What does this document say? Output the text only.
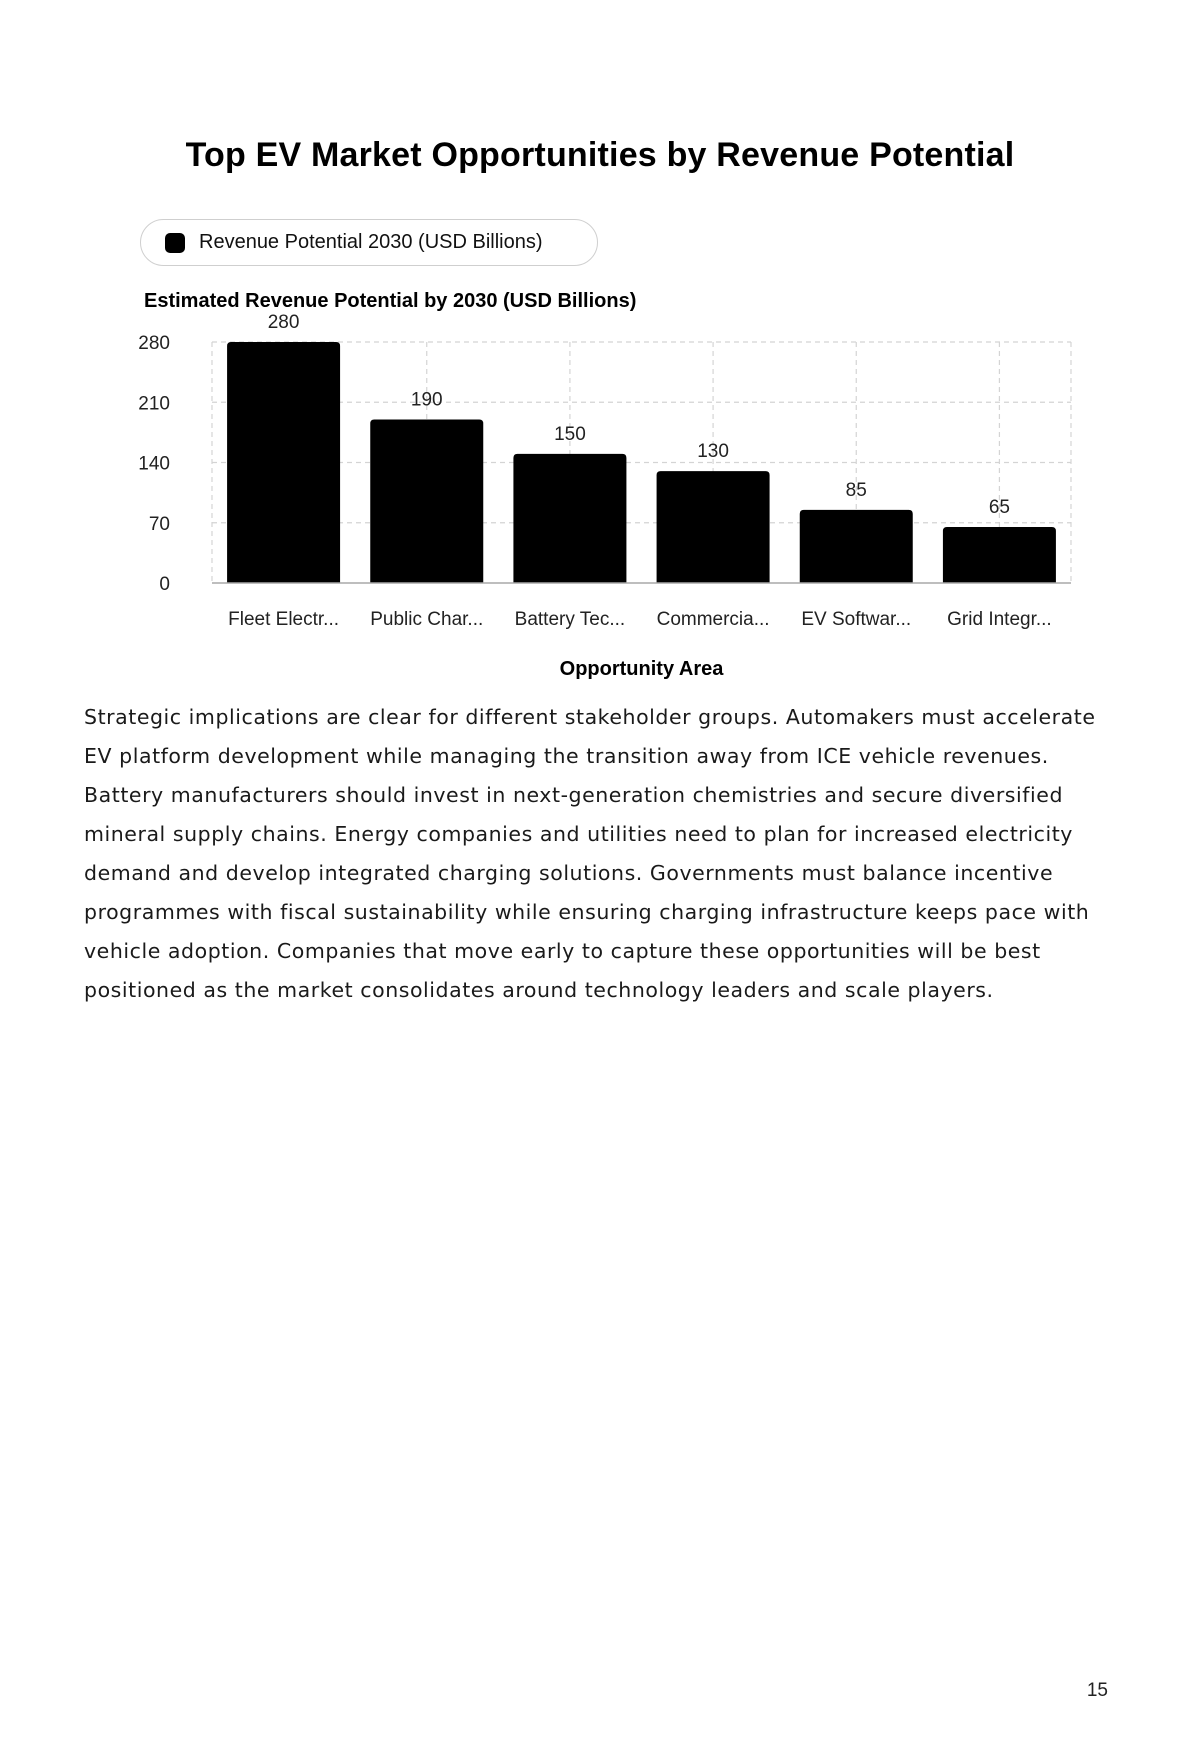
Top EV Market Opportunities by Revenue Potential
Revenue Potential 2030 (USD Billions)
Estimated Revenue Potential by 2030 (USD Billions)
0
70
140
210
280
280
Fleet Electr...
190
Public Char...
150
Battery Tec...
130
Commercia...
85
EV Softwar...
65
Grid Integr...
Opportunity Area
Strategic implications are clear for different stakeholder groups. Automakers must accelerate EV platform development while managing the transition away from ICE vehicle revenues. Battery manufacturers should invest in next-generation chemistries and secure diversified mineral supply chains. Energy companies and utilities need to plan for increased electricity demand and develop integrated charging solutions. Governments must balance incentive programmes with fiscal sustainability while ensuring charging infrastructure keeps pace with vehicle adoption. Companies that move early to capture these opportunities will be best positioned as the market consolidates around technology leaders and scale players.
15
